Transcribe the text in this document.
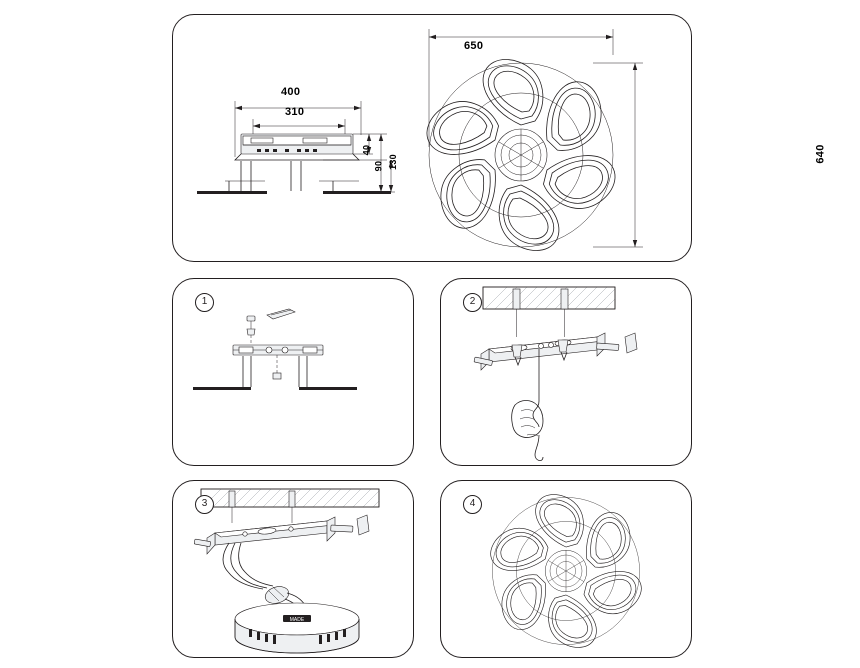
650
640
400
310
40
90 130
1	2
MADE
3	4
